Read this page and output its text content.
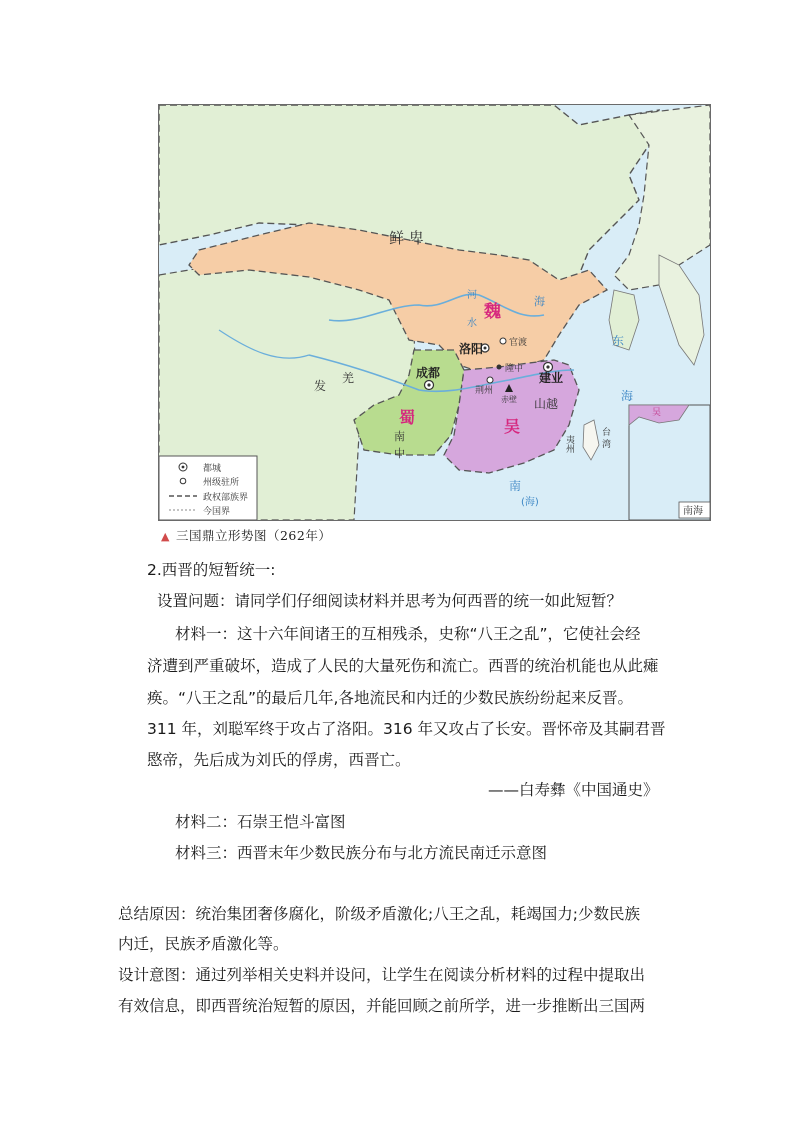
南海
吴
鲜 卑
魏
蜀	吴
发
羌
山越
南
中
河
水
海
东
海
南
(海)
夷州
台
湾
洛阳	官渡
隆中
荆州
赤壁
建业
成都
都城
州级驻所
政权部族界
今国界
▲ 三国鼎立形势图（262年）
2.西晋的短暂统一:
设置问题：请同学们仔细阅读材料并思考为何西晋的统一如此短暂？
材料一：这十六年间诸王的互相残杀，史称“八王之乱”，它使社会经
济遭到严重破坏，造成了人民的大量死伤和流亡。西晋的统治机能也从此瘫
痪。“八王之乱”的最后几年,各地流民和内迁的少数民族纷纷起来反晋。
311 年，刘聪军终于攻占了洛阳。316 年又攻占了长安。晋怀帝及其嗣君晋
愍帝，先后成为刘氏的俘虏，西晋亡。
——白寿彝《中国通史》
材料二：石崇王恺斗富图
材料三：西晋末年少数民族分布与北方流民南迁示意图
总结原因：统治集团奢侈腐化，阶级矛盾激化;八王之乱，耗竭国力;少数民族
内迁，民族矛盾激化等。
设计意图：通过列举相关史料并设问，让学生在阅读分析材料的过程中提取出
有效信息，即西晋统治短暂的原因，并能回顾之前所学，进一步推断出三国两
